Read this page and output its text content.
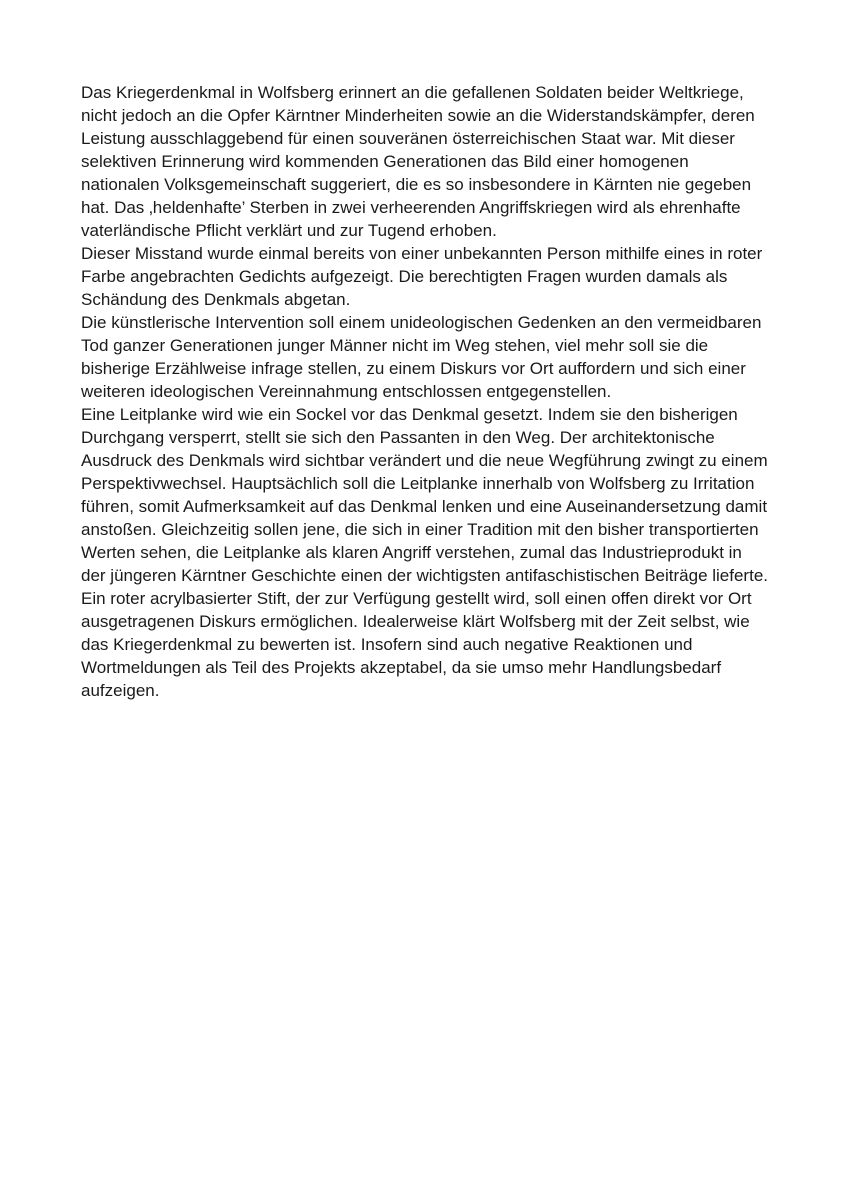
Das Kriegerdenkmal in Wolfsberg erinnert an die gefallenen Soldaten beider Weltkriege, nicht jedoch an die Opfer Kärntner Minderheiten sowie an die Widerstandskämpfer, deren Leistung ausschlaggebend für einen souveränen österreichischen Staat war. Mit dieser selektiven Erinnerung wird kommenden Generationen das Bild einer homogenen nationalen Volksgemeinschaft suggeriert, die es so insbesondere in Kärnten nie gegeben hat. Das ‚heldenhafte’ Sterben in zwei verheerenden Angriffskriegen wird als ehrenhafte vaterländische Pflicht verklärt und zur Tugend erhoben.

Dieser Misstand wurde einmal bereits von einer unbekannten Person mithilfe eines in roter Farbe angebrachten Gedichts aufgezeigt. Die berechtigten Fragen wurden damals als Schändung des Denkmals abgetan.

Die künstlerische Intervention soll einem unideologischen Gedenken an den vermeidbaren Tod ganzer Generationen junger Männer nicht im Weg stehen, viel mehr soll sie die bisherige Erzählweise infrage stellen, zu einem Diskurs vor Ort auffordern und sich einer weiteren ideologischen Vereinnahmung entschlossen entgegenstellen.

Eine Leitplanke wird wie ein Sockel vor das Denkmal gesetzt. Indem sie den bisherigen Durchgang versperrt, stellt sie sich den Passanten in den Weg. Der architektonische Ausdruck des Denkmals wird sichtbar verändert und die neue Wegführung zwingt zu einem Perspektivwechsel. Hauptsächlich soll die Leitplanke innerhalb von Wolfsberg zu Irritation führen, somit Aufmerksamkeit auf das Denkmal lenken und eine Auseinandersetzung damit anstoßen. Gleichzeitig sollen jene, die sich in einer Tradition mit den bisher transportierten Werten sehen, die Leitplanke als klaren Angriff verstehen, zumal das Industrieprodukt in der jüngeren Kärntner Geschichte einen der wichtigsten antifaschistischen Beiträge lieferte.

Ein roter acrylbasierter Stift, der zur Verfügung gestellt wird, soll einen offen direkt vor Ort ausgetragenen Diskurs ermöglichen. Idealerweise klärt Wolfsberg mit der Zeit selbst, wie das Kriegerdenkmal zu bewerten ist. Insofern sind auch negative Reaktionen und Wortmeldungen als Teil des Projekts akzeptabel, da sie umso mehr Handlungsbedarf aufzeigen.
